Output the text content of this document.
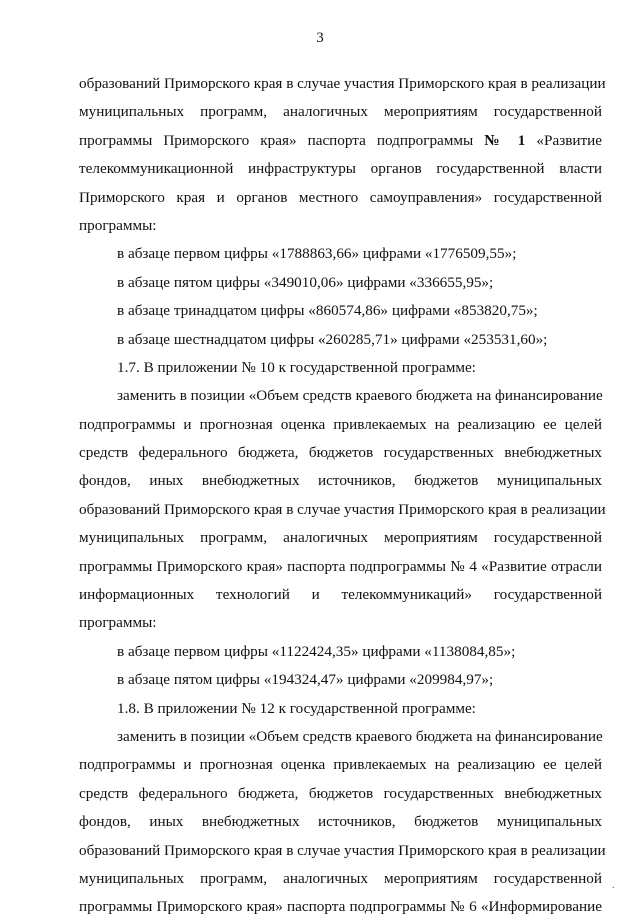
3
образований Приморского края в случае участия Приморского края в реализации
муниципальных программ, аналогичных мероприятиям государственной
программы Приморского края» паспорта подпрограммы № 1 «Развитие
телекоммуникационной инфраструктуры органов государственной власти
Приморского края и органов местного самоуправления» государственной
программы:
в абзаце первом цифры «1788863,66» цифрами «1776509,55»;
в абзаце пятом цифры «349010,06» цифрами «336655,95»;
в абзаце тринадцатом цифры «860574,86» цифрами «853820,75»;
в абзаце шестнадцатом цифры «260285,71» цифрами «253531,60»;
1.7. В приложении № 10 к государственной программе:
заменить в позиции «Объем средств краевого бюджета на финансирование
подпрограммы и прогнозная оценка привлекаемых на реализацию ее целей
средств федерального бюджета, бюджетов государственных внебюджетных
фондов, иных внебюджетных источников, бюджетов муниципальных
образований Приморского края в случае участия Приморского края в реализации
муниципальных программ, аналогичных мероприятиям государственной
программы Приморского края» паспорта подпрограммы № 4 «Развитие отрасли
информационных технологий и телекоммуникаций» государственной
программы:
в абзаце первом цифры «1122424,35» цифрами «1138084,85»;
в абзаце пятом цифры «194324,47» цифрами «209984,97»;
1.8. В приложении № 12 к государственной программе:
заменить в позиции «Объем средств краевого бюджета на финансирование
подпрограммы и прогнозная оценка привлекаемых на реализацию ее целей
средств федерального бюджета, бюджетов государственных внебюджетных
фондов, иных внебюджетных источников, бюджетов муниципальных
образований Приморского края в случае участия Приморского края в реализации
муниципальных программ, аналогичных мероприятиям государственной
программы Приморского края» паспорта подпрограммы № 6 «Информирование
.
